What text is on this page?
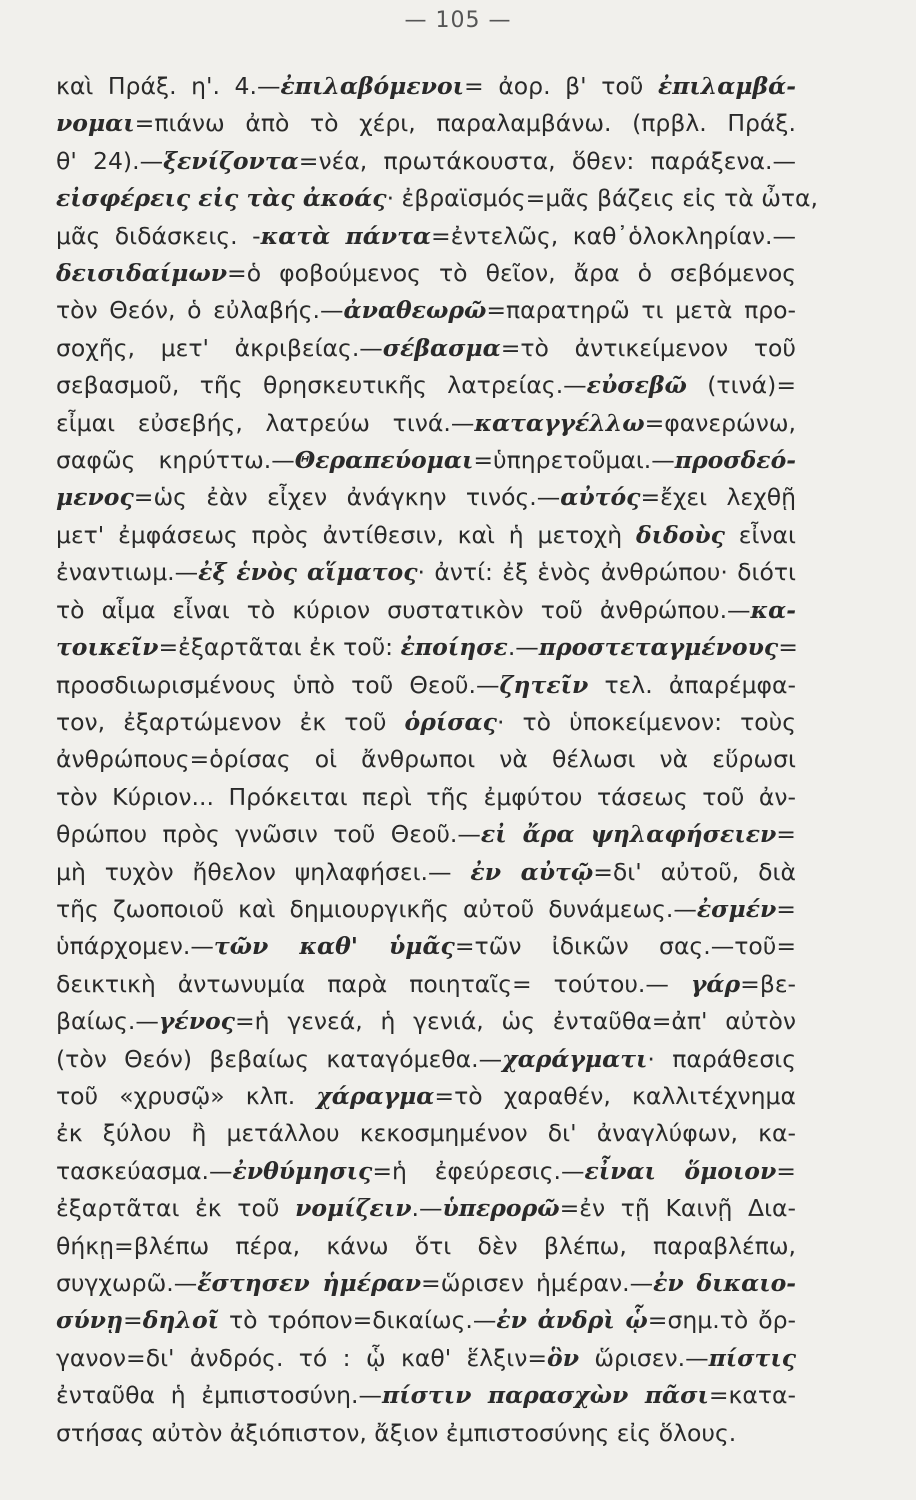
— 105 —
καὶ Πράξ. η'. 4.—ἐπιλαβόμενοι= ἀορ. β' τοῦ ἐπιλαμβά-
νομαι=πιάνω ἀπὸ τὸ χέρι, παραλαμβάνω. (πρβλ. Πράξ.
θ' 24).—ξενίζοντα=νέα, πρωτάκουστα, ὅθεν: παράξενα.—
εἰσφέρεις εἰς τὰς ἀκοάς· ἐβραϊσμός=μᾶς βάζεις εἰς τὰ ὦτα,
μᾶς διδάσκεις. -κατὰ πάντα=ἐντελῶς, καθ᾿ὁλοκληρίαν.—
δεισιδαίμων=ὁ φοβούμενος τὸ θεῖον, ἄρα ὁ σεβόμενος
τὸν Θεόν, ὁ εὐλαβής.—ἀναθεωρῶ=παρατηρῶ τι μετὰ προ-
σοχῆς, μετ' ἀκριβείας.—σέβασμα=τὸ ἀντικείμενον τοῦ
σεβασμοῦ, τῆς θρησκευτικῆς λατρείας.—εὐσεβῶ (τινά)=
εἶμαι εὐσεβής, λατρεύω τινά.—καταγγέλλω=φανερώνω,
σαφῶς κηρύττω.—Θεραπεύομαι=ὑπηρετοῦμαι.—προσδεό-
μενος=ὡς ἐὰν εἶχεν ἀνάγκην τινός.—αὐτός=ἔχει λεχθῇ
μετ' ἐμφάσεως πρὸς ἀντίθεσιν, καὶ ἡ μετοχὴ διδοὺς εἶναι
ἐναντιωμ.—ἐξ ἑνὸς αἵματος· ἀντί: ἐξ ἑνὸς ἀνθρώπου· διότι
τὸ αἷμα εἶναι τὸ κύριον συστατικὸν τοῦ ἀνθρώπου.—κα-
τοικεῖν=ἐξαρτᾶται ἐκ τοῦ: ἐποίησε.—προστεταγμένους=
προσδιωρισμένους ὑπὸ τοῦ Θεοῦ.—ζητεῖν τελ. ἀπαρέμφα-
τον, ἐξαρτώμενον ἐκ τοῦ ὁρίσας· τὸ ὑποκείμενον: τοὺς
ἀνθρώπους=ὁρίσας οἱ ἄνθρωποι νὰ θέλωσι νὰ εὕρωσι
τὸν Κύριον... Πρόκειται περὶ τῆς ἐμφύτου τάσεως τοῦ ἀν-
θρώπου πρὸς γνῶσιν τοῦ Θεοῦ.—εἰ ἄρα ψηλαφήσειεν=
μὴ τυχὸν ἤθελον ψηλαφήσει.— ἐν αὐτῷ=δι' αὐτοῦ, διὰ
τῆς ζωοποιοῦ καὶ δημιουργικῆς αὐτοῦ δυνάμεως.—ἐσμέν=
ὑπάρχομεν.—τῶν καθ' ὑμᾶς=τῶν ἰδικῶν σας.—τοῦ=
δεικτικὴ ἀντωνυμία παρὰ ποιηταῖς= τούτου.— γάρ=βε-
βαίως.—γένος=ἡ γενεά, ἡ γενιά, ὡς ἐνταῦθα=ἀπ' αὐτὸν
(τὸν Θεόν) βεβαίως καταγόμεθα.—χαράγματι· παράθεσις
τοῦ «χρυσῷ» κλπ. χάραγμα=τὸ χαραθέν, καλλιτέχνημα
ἐκ ξύλου ἢ μετάλλου κεκοσμημένον δι' ἀναγλύφων, κα-
τασκεύασμα.—ἐνθύμησις=ἡ ἐφεύρεσις.—εἶναι ὅμοιον=
ἐξαρτᾶται ἐκ τοῦ νομίζειν.—ὑπερορῶ=ἐν τῇ Καινῇ Δια-
θήκῃ=βλέπω πέρα, κάνω ὅτι δὲν βλέπω, παραβλέπω,
συγχωρῶ.—ἔστησεν ἡμέραν=ὥρισεν ἡμέραν.—ἐν δικαιο-
σύνῃ=δηλοῖ τὸ τρόπον=δικαίως.—ἐν ἀνδρὶ ᾧ=σημ.τὸ ὄρ-
γανον=δι' ἀνδρός. τό : ᾧ καθ' ἕλξιν=ὃν ὥρισεν.—πίστις
ἐνταῦθα ἡ ἐμπιστοσύνη.—πίστιν παρασχὼν πᾶσι=κατα-
στήσας αὐτὸν ἀξιόπιστον, ἄξιον ἐμπιστοσύνης εἰς ὅλους.
